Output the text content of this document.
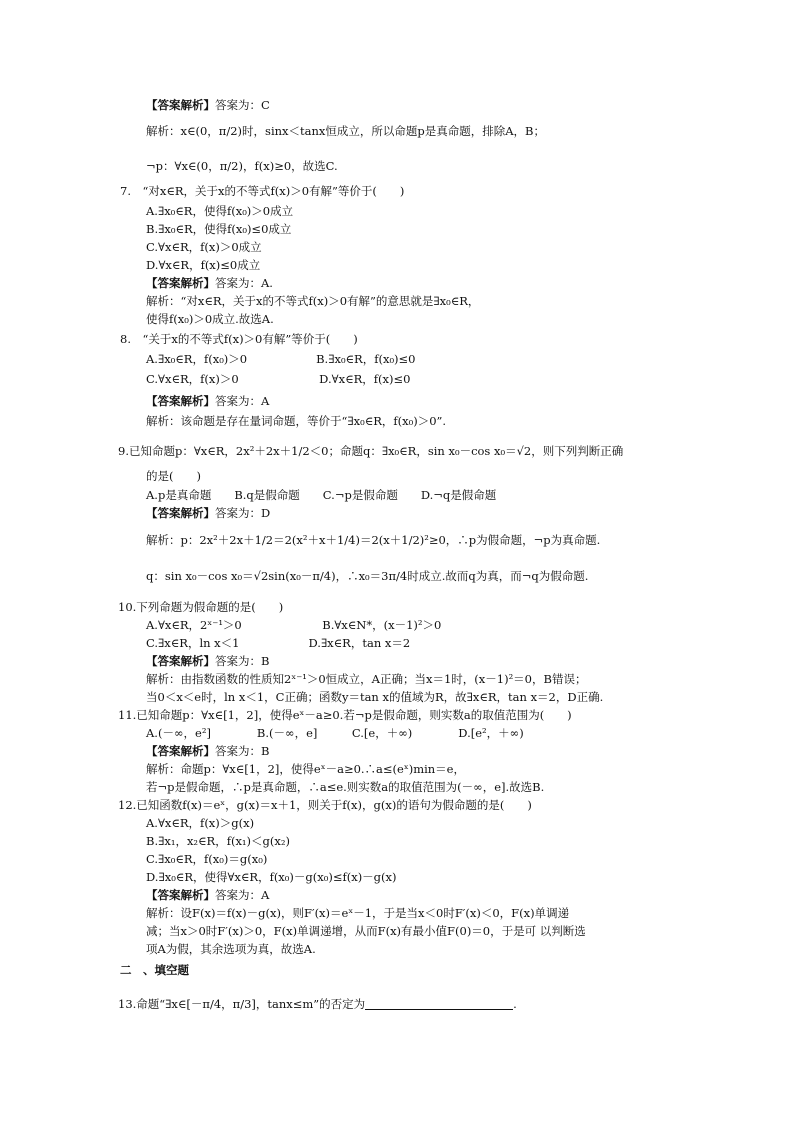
【答案解析】答案为：C
解析：x∈(0，π/2)时，sinx＜tanx恒成立，所以命题p是真命题，排除A，B；
¬p：∀x∈(0，π/2)，f(x)≥0，故选C.
7.　“对x∈R，关于x的不等式f(x)＞0有解”等价于(　　)
A.∃x₀∈R，使得f(x₀)＞0成立
B.∃x₀∈R，使得f(x₀)≤0成立
C.∀x∈R，f(x)＞0成立
D.∀x∈R，f(x)≤0成立
【答案解析】答案为：A.
解析：“对x∈R，关于x的不等式f(x)＞0有解”的意思就是∃x₀∈R，
使得f(x₀)＞0成立.故选A.
8.　“关于x的不等式f(x)＞0有解”等价于(　　)
A.∃x₀∈R，f(x₀)＞0　　　　　　B.∃x₀∈R，f(x₀)≤0
C.∀x∈R，f(x)＞0　　　　　　　D.∀x∈R，f(x)≤0
【答案解析】答案为：A
解析：该命题是存在量词命题，等价于“∃x₀∈R，f(x₀)＞0”.
9.已知命题p：∀x∈R，2x²＋2x＋1/2＜0；命题q：∃x₀∈R，sin x₀－cos x₀＝√2，则下列判断正确
的是(　　)
A.p是真命题　　B.q是假命题　　C.¬p是假命题　　D.¬q是假命题
【答案解析】答案为：D
解析：p：2x²＋2x＋1/2＝2(x²＋x＋1/4)＝2(x＋1/2)²≥0，∴p为假命题，¬p为真命题.
q：sin x₀－cos x₀＝√2sin(x₀－π/4)，∴x₀＝3π/4时成立.故而q为真，而¬q为假命题.
10.下列命题为假命题的是(　　)
A.∀x∈R，2ˣ⁻¹＞0　　　　　　　B.∀x∈N*，(x－1)²＞0
C.∃x∈R，ln x＜1　　　　　　D.∃x∈R，tan x＝2
【答案解析】答案为：B
解析：由指数函数的性质知2ˣ⁻¹＞0恒成立，A正确；当x＝1时，(x－1)²＝0，B错误；
当0＜x＜e时，ln x＜1，C正确；函数y＝tan x的值域为R，故∃x∈R，tan x＝2，D正确.
11.已知命题p：∀x∈[1，2]，使得eˣ－a≥0.若¬p是假命题，则实数a的取值范围为(　　)
A.(－∞，e²]　　　　B.(－∞，e]　　　C.[e，＋∞)　　　　D.[e²，＋∞)
【答案解析】答案为：B
解析：命题p：∀x∈[1，2]，使得eˣ－a≥0.∴a≤(eˣ)min＝e，
若¬p是假命题，∴p是真命题，∴a≤e.则实数a的取值范围为(－∞，e].故选B.
12.已知函数f(x)＝eˣ，g(x)＝x＋1，则关于f(x)，g(x)的语句为假命题的是(　　)
A.∀x∈R，f(x)＞g(x)
B.∃x₁，x₂∈R，f(x₁)＜g(x₂)
C.∃x₀∈R，f(x₀)＝g(x₀)
D.∃x₀∈R，使得∀x∈R，f(x₀)－g(x₀)≤f(x)－g(x)
【答案解析】答案为：A
解析：设F(x)＝f(x)－g(x)，则F′(x)＝eˣ－1，于是当x＜0时F′(x)＜0，F(x)单调递
减；当x＞0时F′(x)＞0，F(x)单调递增，从而F(x)有最小值F(0)＝0，于是可 以判断选
项A为假，其余选项为真，故选A.
二　、填空题
13.命题“∃x∈[－π/4，π/3]，tanx≤m”的否定为	.
